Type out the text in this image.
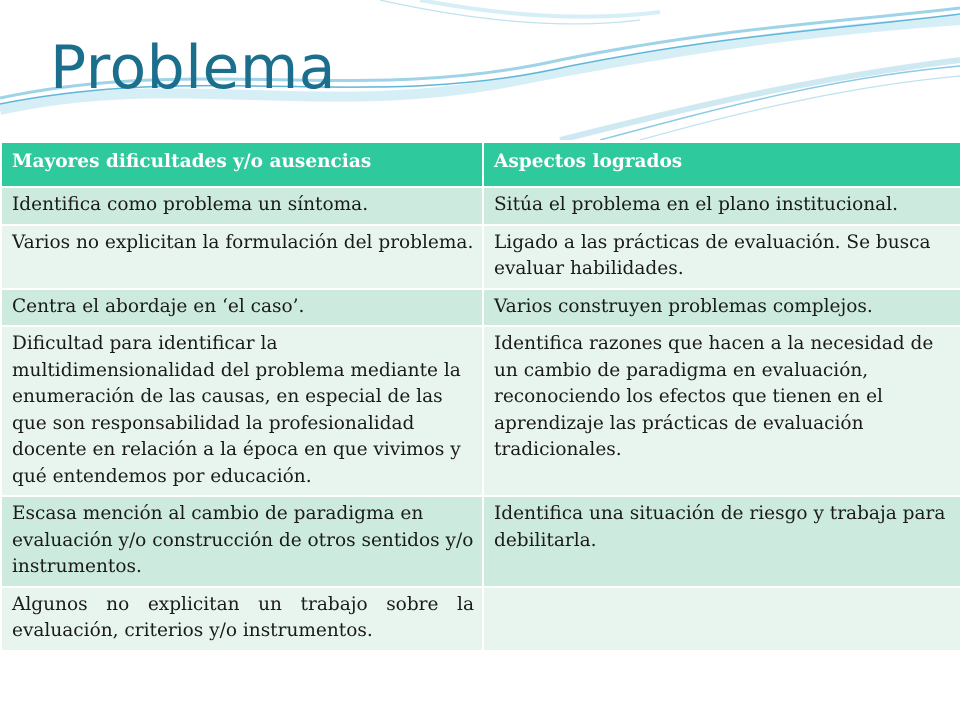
Problema
Mayores dificultades y/o ausencias	Aspectos logrados
Identifica como problema un síntoma.	Sitúa el problema en el plano institucional.
Varios no explicitan la formulación del problema.	Ligado a las prácticas de evaluación. Se busca evaluar habilidades.
Centra el abordaje en ‘el caso’.	Varios construyen problemas complejos.
Dificultad para identificar la multidimensionalidad del problema mediante la enumeración de las causas, en especial de las que son responsabilidad la profesionalidad docente en relación a la época en que vivimos y qué entendemos por educación.	Identifica razones que hacen a la necesidad de un cambio de paradigma en evaluación, reconociendo los efectos que tienen en el aprendizaje las prácticas de evaluación tradicionales.
Escasa mención al cambio de paradigma en evaluación y/o construcción de otros sentidos y/o instrumentos.	Identifica una situación de riesgo y trabaja para debilitarla.
Algunos no explicitan un trabajo sobre la evaluación, criterios y/o instrumentos.	
